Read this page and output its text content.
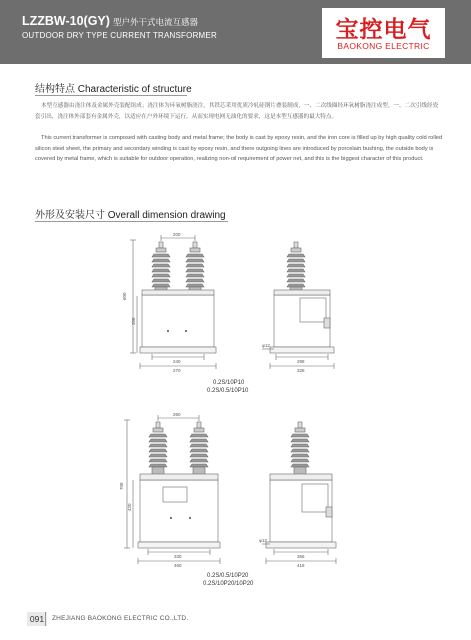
LZZBW-10(GY) 型户外干式电流互感器
OUTDOOR DRY TYPE CURRENT TRANSFORMER	宝控电气
BAOKONG ELECTRIC
结构特点 Characteristic of structure
本型互感器由浇注体及金属外壳装配组成；浇注体为环氧树脂浇注，其铁芯采用优质冷轧硅钢片叠装制成，一、二次线圈经环氧树脂浇注成型。一、二次引线经瓷套引出，浇注体外部套有金属外壳，以适应在户外环境下运行，从而实现电网无油化的要求，这是本型互感器的最大特点。
This current transformer is composed with casting body and metal frame; the body is cast by epoxy resin, and the iron core is filled up by high quality cold rolled silicon steel sheet, the primary and secondary winding is cast by epoxy resin, and there outgoing lines are introduced by porcelain bushing, the outside body is covered by metal frame, which is suitable for outdoor operation, realizing non-oil requirement of power net, and this is the biggest character of this product.
外形及安装尺寸 Overall dimension drawing
200
600
358
240
270
φ12
298
328
260
708
420
330
460
φ12
356
418
0.2S/10P10
0.2S/0.5/10P10
0.2S/0.5/10P20
0.2S/10P20/10P20
091	ZHEJIANG BAOKONG ELECTRIC CO.,LTD.
